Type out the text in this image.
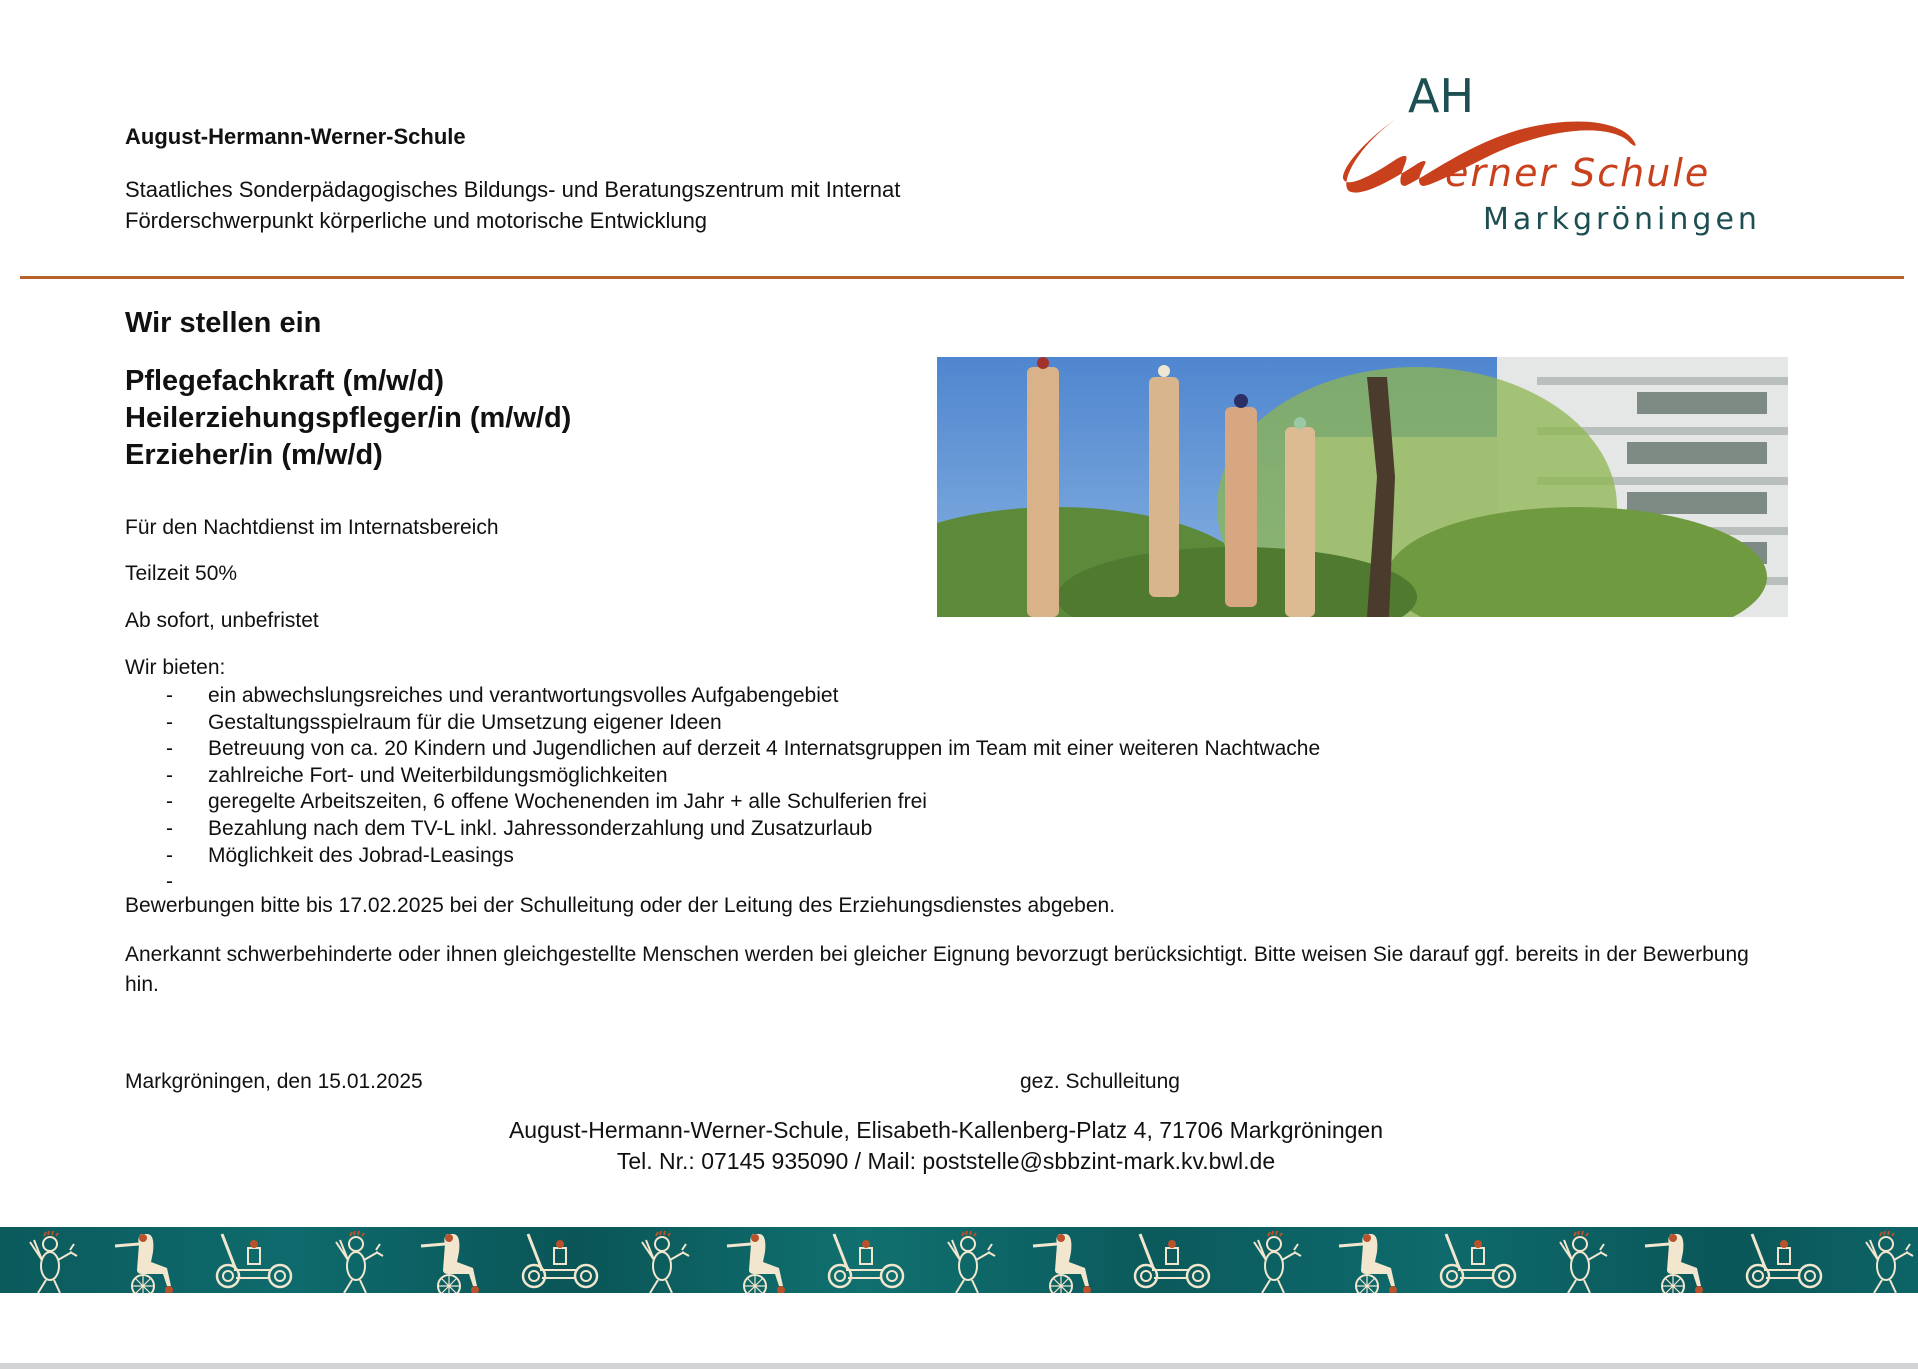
August-Hermann-Werner-Schule
Staatliches Sonderpädagogisches Bildungs- und Beratungszentrum mit Internat
Förderschwerpunkt körperliche und motorische Entwicklung
AH
erner Schule
Markgröningen
Wir stellen ein
Pflegefachkraft (m/w/d)
Heilerziehungspfleger/in (m/w/d)
Erzieher/in (m/w/d)
Für den Nachtdienst im Internatsbereich
Teilzeit 50%
Ab sofort, unbefristet
Wir bieten:
- ein abwechslungsreiches und verantwortungsvolles Aufgabengebiet
- Gestaltungsspielraum für die Umsetzung eigener Ideen
- Betreuung von ca. 20 Kindern und Jugendlichen auf derzeit 4 Internatsgruppen im Team mit einer weiteren Nachtwache
- zahlreiche Fort- und Weiterbildungsmöglichkeiten
- geregelte Arbeitszeiten, 6 offene Wochenenden im Jahr + alle Schulferien frei
- Bezahlung nach dem TV-L inkl. Jahressonderzahlung und Zusatzurlaub
- Möglichkeit des Jobrad-Leasings
-
Bewerbungen bitte bis 17.02.2025 bei der Schulleitung oder der Leitung des Erziehungsdienstes abgeben.
Anerkannt schwerbehinderte oder ihnen gleichgestellte Menschen werden bei gleicher Eignung bevorzugt berücksichtigt. Bitte weisen Sie darauf ggf. bereits in der Bewerbung hin.
Markgröningen, den 15.01.2025	gez. Schulleitung
August-Hermann-Werner-Schule, Elisabeth-Kallenberg-Platz 4, 71706 Markgröningen
Tel. Nr.: 07145 935090 / Mail: poststelle@sbbzint-mark.kv.bwl.de
